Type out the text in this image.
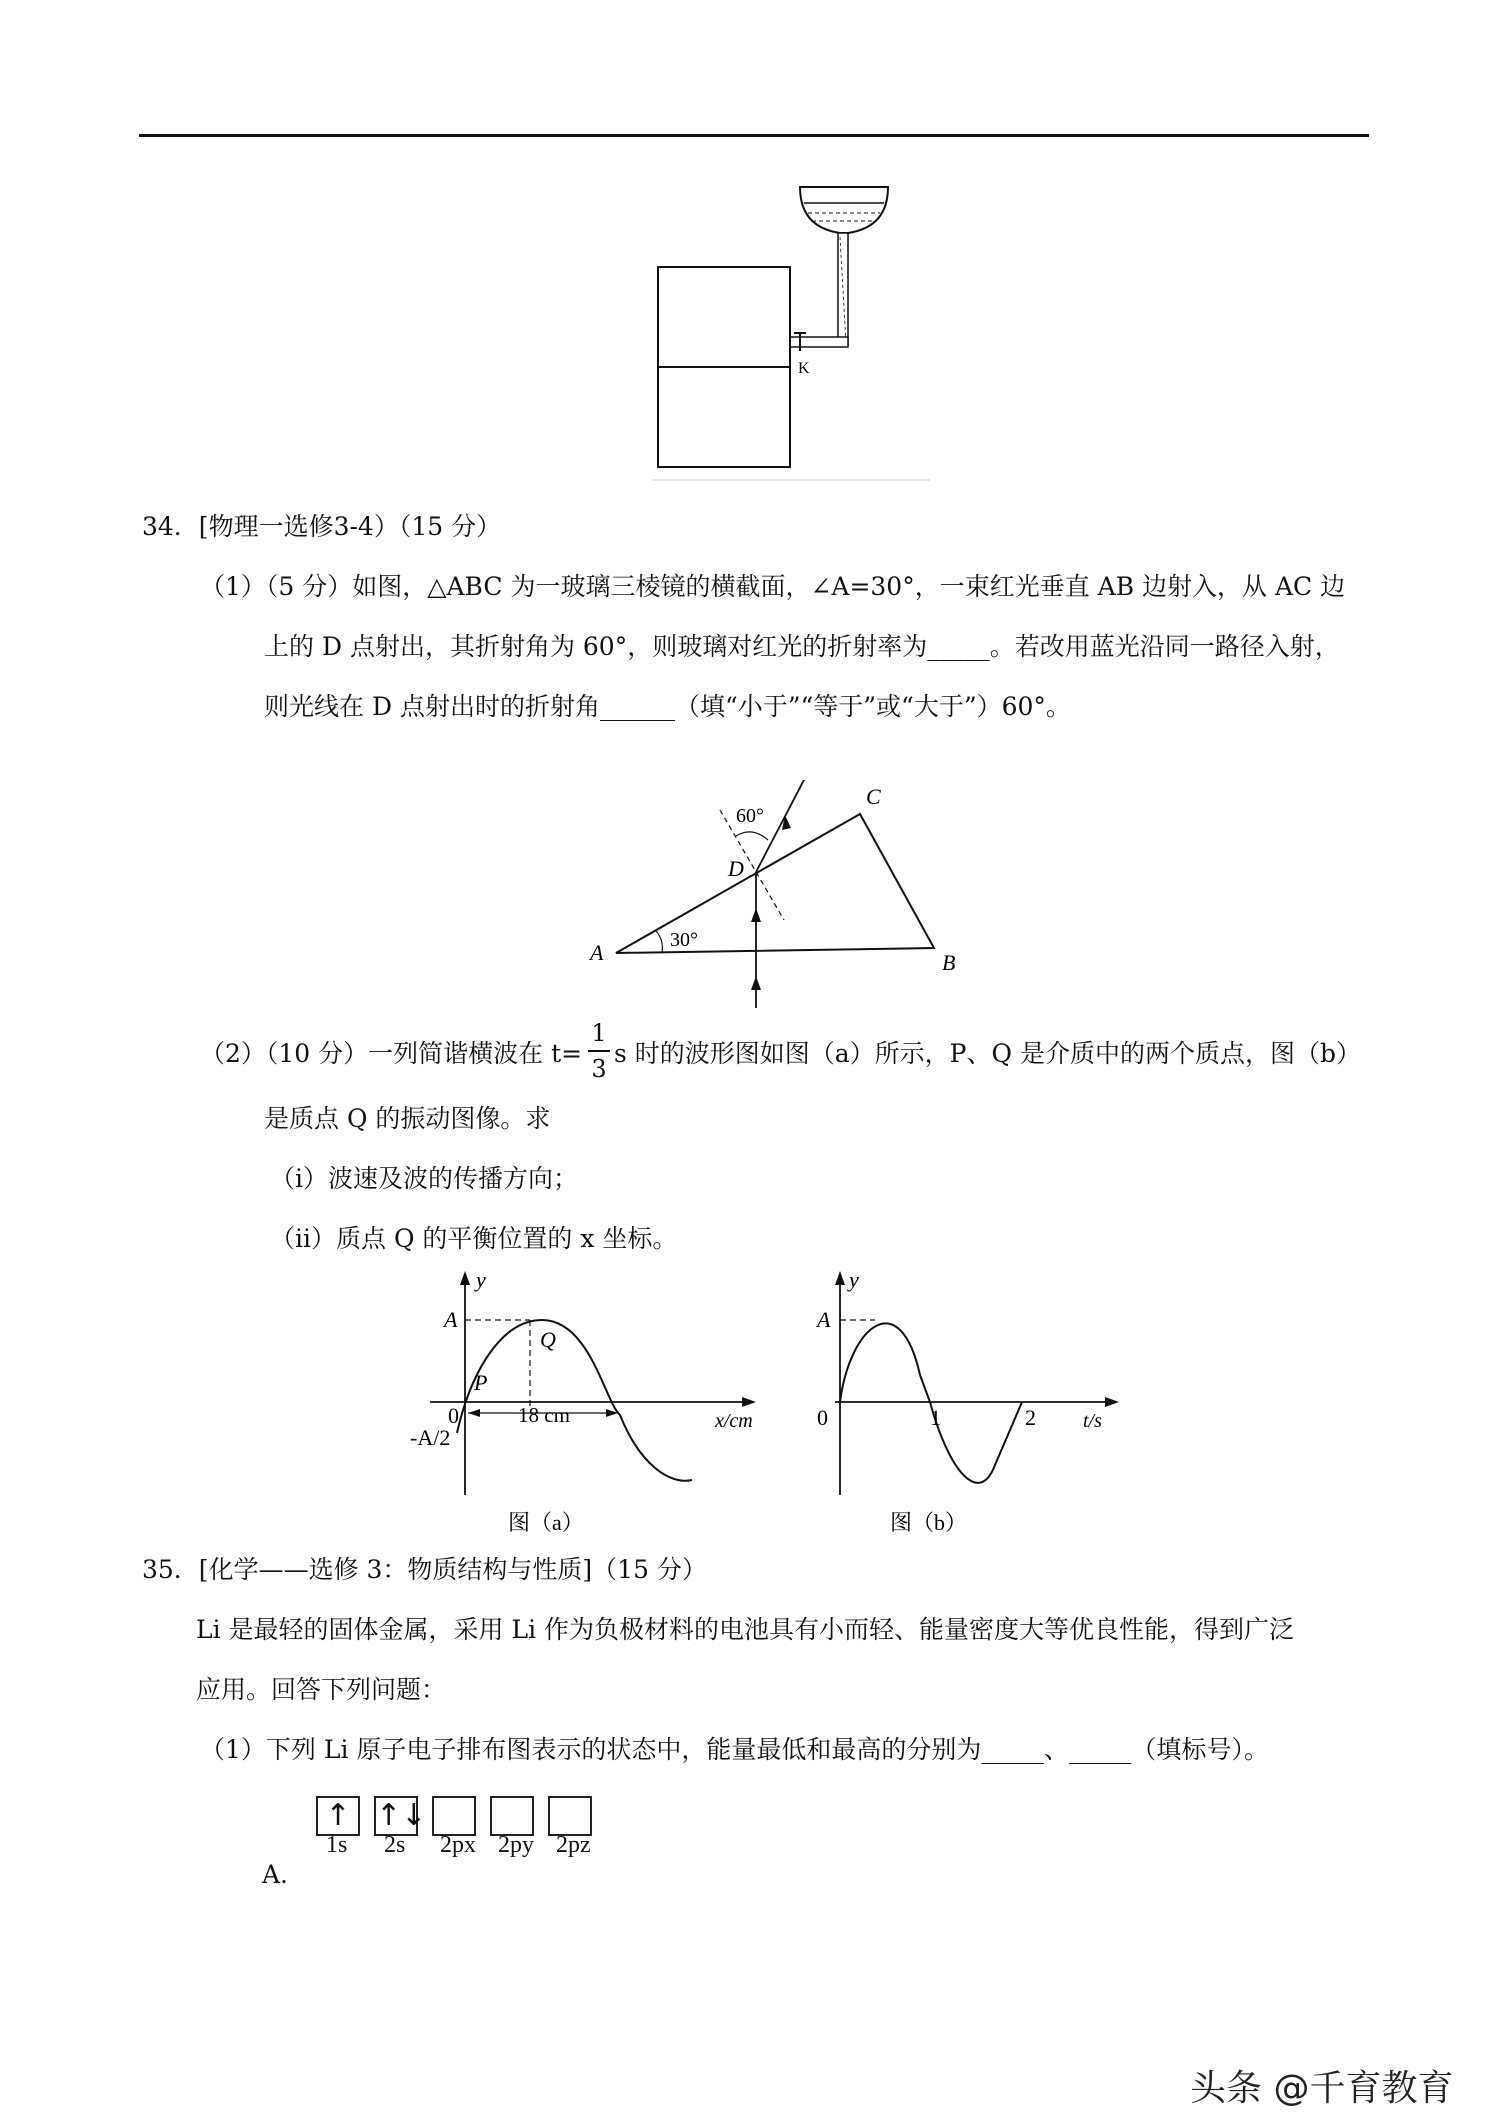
K
34．[物理一选修3-4）（15 分）
（1）（5 分）如图，△ABC 为一玻璃三棱镜的横截面，∠A=30°，一束红光垂直 AB 边射入，从 AC 边
上的 D 点射出，其折射角为 60°，则玻璃对红光的折射率为_____。若改用蓝光沿同一路径入射，
则光线在 D 点射出时的折射角______（填“小于”“等于”或“大于”）60°。
A	B
C
D
30°
60°
（2）（10 分）一列简谐横波在 t=
1
3
s 时的波形图如图（a）所示，P、Q 是介质中的两个质点，图（b）
是质点 Q 的振动图像。求
（i）波速及波的传播方向；
（ii）质点 Q 的平衡位置的 x 坐标。
y
A
-A/2
0
P
Q
18 cm	x/cm
图（a）
y
A
0	1	2 t/s
图（b）
35．[化学——选修 3：物质结构与性质]（15 分）
Li 是最轻的固体金属，采用 Li 作为负极材料的电池具有小而轻、能量密度大等优良性能，得到广泛
应用。回答下列问题：
（1）下列 Li 原子电子排布图表示的状态中，能量最低和最高的分别为_____、_____（填标号）。
A.
↑ ↑↓
1s 2s 2px 2py 2pz
头条 @千育教育
